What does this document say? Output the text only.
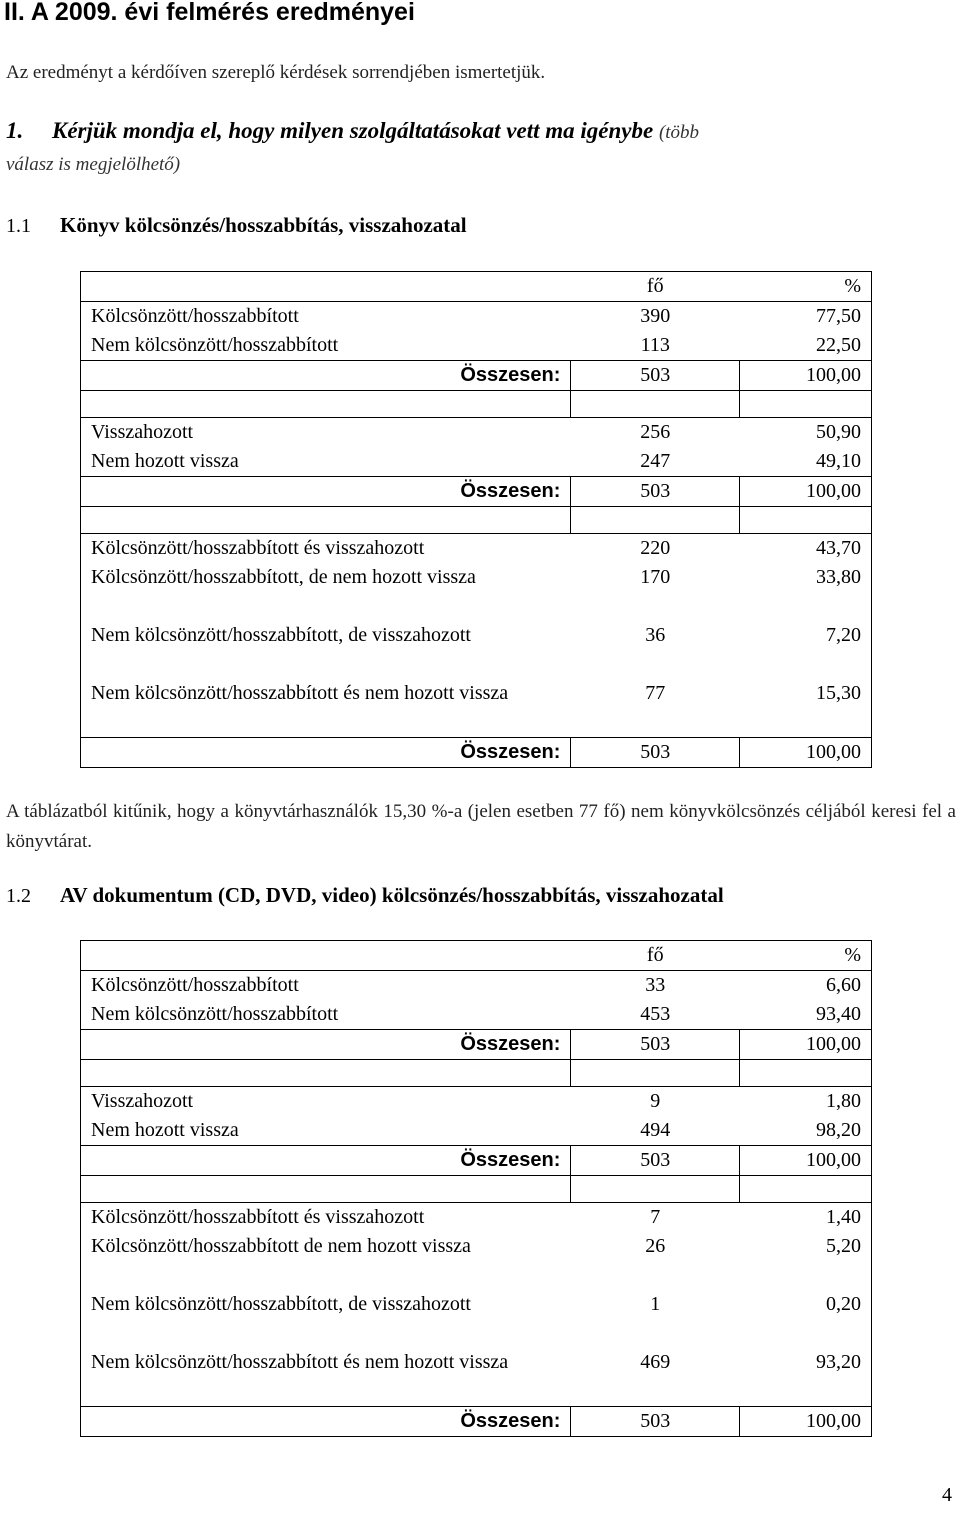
II. A 2009. évi felmérés eredményei
Az eredményt a kérdőíven szereplő kérdések sorrendjében ismertetjük.
1. Kérjük mondja el, hogy milyen szolgáltatásokat vett ma igénybe (több
válasz is megjelölhető)
1.1 Könyv kölcsönzés/hosszabbítás, visszahozatal
	fő	%
Kölcsönzött/hosszabbított	390	77,50
Nem kölcsönzött/hosszabbított	113	22,50
Összesen:	503	100,00

Visszahozott	256	50,90
Nem hozott vissza	247	49,10
Összesen:	503	100,00

Kölcsönzött/hosszabbított és visszahozott	220	43,70
Kölcsönzött/hosszabbított, de nem hozott vissza	170	33,80
Nem kölcsönzött/hosszabbított, de visszahozott	36	7,20
Nem kölcsönzött/hosszabbított és nem hozott vissza	77	15,30
Összesen:	503	100,00
A táblázatból kitűnik, hogy a könyvtárhasználók 15,30 %-a (jelen esetben 77 fő) nem könyvkölcsönzés céljából keresi fel a könyvtárat.
1.2 AV dokumentum (CD, DVD, video) kölcsönzés/hosszabbítás, visszahozatal
	fő	%
Kölcsönzött/hosszabbított	33	6,60
Nem kölcsönzött/hosszabbított	453	93,40
Összesen:	503	100,00

Visszahozott	9	1,80
Nem hozott vissza	494	98,20
Összesen:	503	100,00

Kölcsönzött/hosszabbított és visszahozott	7	1,40
Kölcsönzött/hosszabbított de nem hozott vissza	26	5,20
Nem kölcsönzött/hosszabbított, de visszahozott	1	0,20
Nem kölcsönzött/hosszabbított és nem hozott vissza	469	93,20
Összesen:	503	100,00
4
